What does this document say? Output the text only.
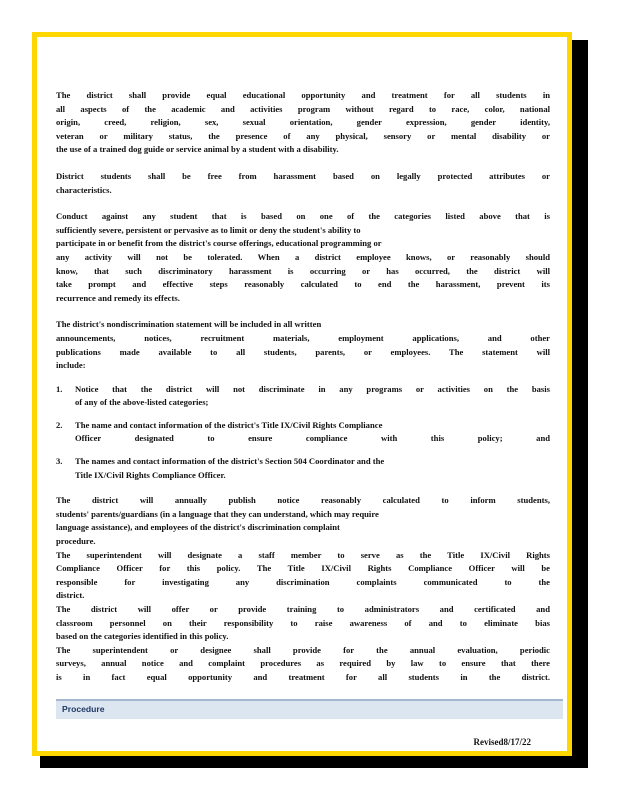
The district shall provide equal educational opportunity and treatment for all students in
all aspects of the academic and activities program without regard to race, color, national
origin, creed, religion, sex, sexual orientation, gender expression, gender identity,
veteran or military status, the presence of any physical, sensory or mental disability or
the use of a trained dog guide or service animal by a student with a disability.

District students shall be free from harassment based on legally protected attributes or
characteristics.

Conduct against any student that is based on one of the categories listed above that is
sufficiently severe, persistent or pervasive as to limit or deny the student's ability to
participate in or benefit from the district's course offerings, educational programming or
any activity will not be tolerated. When a district employee knows, or reasonably should
know, that such discriminatory harassment is occurring or has occurred, the district will
take prompt and effective steps reasonably calculated to end the harassment, prevent its
recurrence and remedy its effects.

The district's nondiscrimination statement will be included in all written
announcements, notices, recruitment materials, employment applications, and other
publications made available to all students, parents, or employees. The statement will
include:

1.	Notice that the district will not discriminate in any programs or activities on the basis
of any of the above-listed categories;
2.	The name and contact information of the district's Title IX/Civil Rights Compliance
Officer designated to ensure compliance with this policy; and
3.	The names and contact information of the district's Section 504 Coordinator and the
Title IX/Civil Rights Compliance Officer.

The district will annually publish notice reasonably calculated to inform students,
students' parents/guardians (in a language that they can understand, which may require
language assistance), and employees of the district's discrimination complaint
procedure.

The superintendent will designate a staff member to serve as the Title IX/Civil Rights
Compliance Officer for this policy. The Title IX/Civil Rights Compliance Officer will be
responsible for investigating any discrimination complaints communicated to the
district.

The district will offer or provide training to administrators and certificated and
classroom personnel on their responsibility to raise awareness of and to eliminate bias
based on the categories identified in this policy.

The superintendent or designee shall provide for the annual evaluation, periodic
surveys, annual notice and complaint procedures as required by law to ensure that there
is in fact equal opportunity and treatment for all students in the district.

Procedure
Revised8/17/22
